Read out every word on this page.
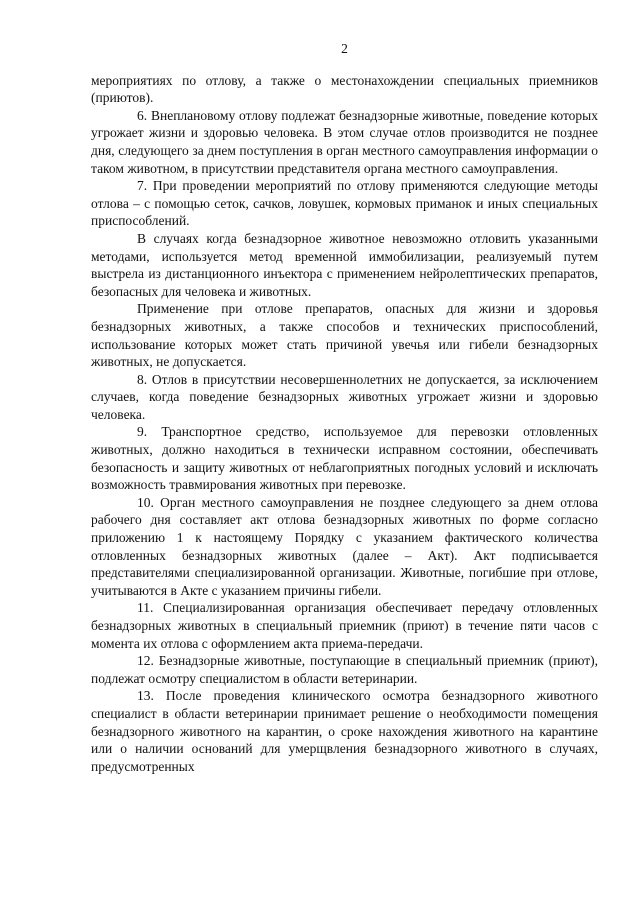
2

мероприятиях по отлову, а также о местонахождении специальных приемников (приютов).

6. Внеплановому отлову подлежат безнадзорные животные, поведение которых угрожает жизни и здоровью человека. В этом случае отлов производится не позднее дня, следующего за днем поступления в орган местного самоуправления информации о таком животном, в присутствии представителя органа местного самоуправления.

7. При проведении мероприятий по отлову применяются следующие методы отлова – с помощью сеток, сачков, ловушек, кормовых приманок и иных специальных приспособлений.

В случаях когда безнадзорное животное невозможно отловить указанными методами, используется метод временной иммобилизации, реализуемый путем выстрела из дистанционного инъектора с применением нейролептических препаратов, безопасных для человека и животных.

Применение при отлове препаратов, опасных для жизни и здоровья безнадзорных животных, а также способов и технических приспособлений, использование которых может стать причиной увечья или гибели безнадзорных животных, не допускается.

8. Отлов в присутствии несовершеннолетних не допускается, за исключением случаев, когда поведение безнадзорных животных угрожает жизни и здоровью человека.

9. Транспортное средство, используемое для перевозки отловленных животных, должно находиться в технически исправном состоянии, обеспечивать безопасность и защиту животных от неблагоприятных погодных условий и исключать возможность травмирования животных при перевозке.

10. Орган местного самоуправления не позднее следующего за днем отлова рабочего дня составляет акт отлова безнадзорных животных по форме согласно приложению 1 к настоящему Порядку с указанием фактического количества отловленных безнадзорных животных (далее – Акт). Акт подписывается представителями специализированной организации. Животные, погибшие при отлове, учитываются в Акте с указанием причины гибели.

11. Специализированная организация обеспечивает передачу отловленных безнадзорных животных в специальный приемник (приют) в течение пяти часов с момента их отлова с оформлением акта приема-передачи.

12. Безнадзорные животные, поступающие в специальный приемник (приют), подлежат осмотру специалистом в области ветеринарии.

13. После проведения клинического осмотра безнадзорного животного специалист в области ветеринарии принимает решение о необходимости помещения безнадзорного животного на карантин, о сроке нахождения животного на карантине или о наличии оснований для умерщвления безнадзорного животного в случаях, предусмотренных
